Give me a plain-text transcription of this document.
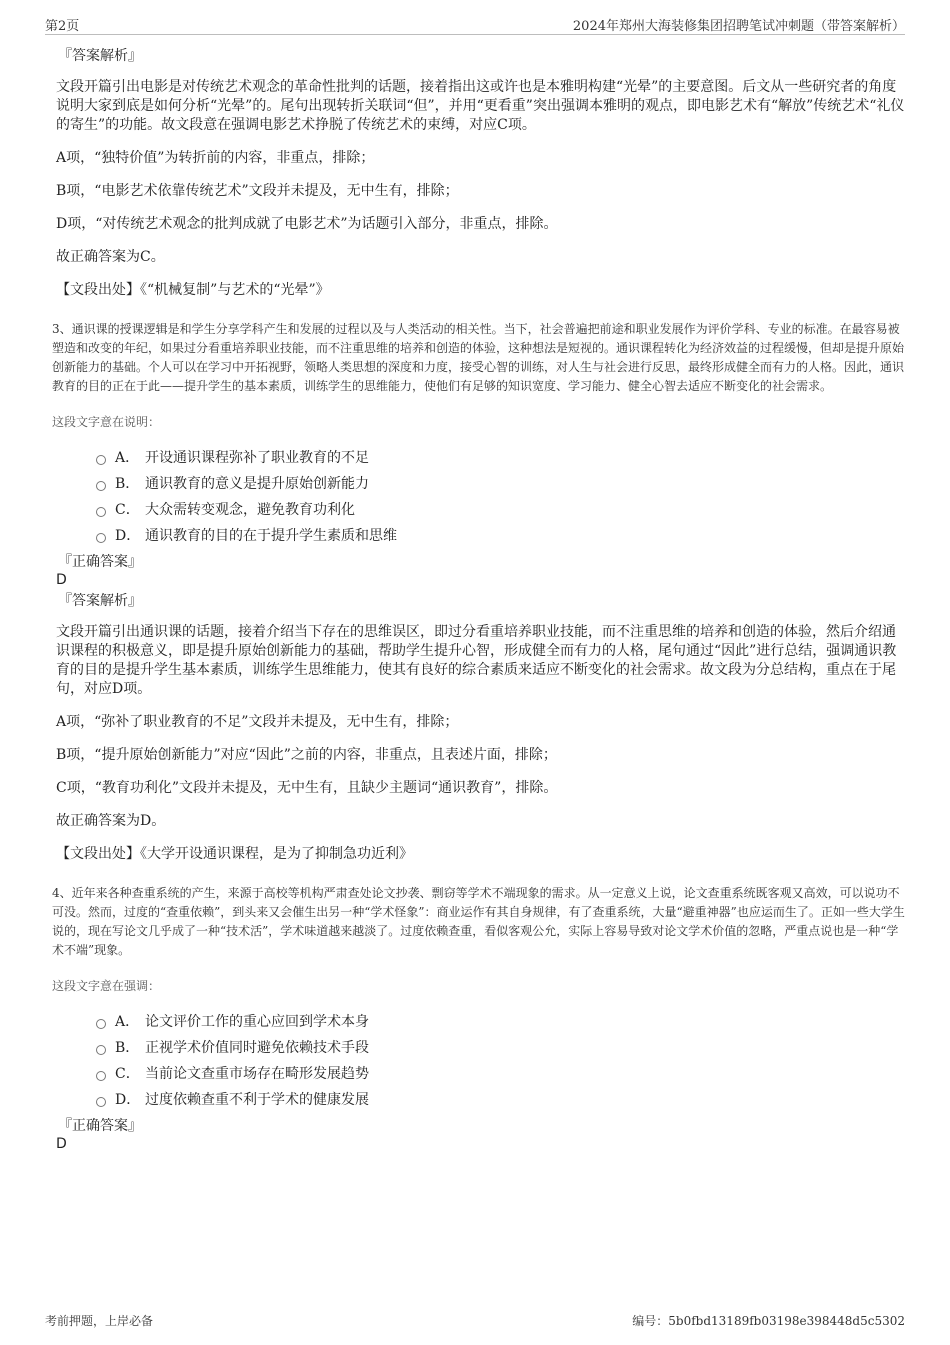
第2页	2024年郑州大海装修集团招聘笔试冲刺题（带答案解析）
『答案解析』

文段开篇引出电影是对传统艺术观念的革命性批判的话题，接着指出这或许也是本雅明构建“光晕”的主要意图。后文从一些研究者的角度说明大家到底是如何分析“光晕”的。尾句出现转折关联词“但”，并用“更看重”突出强调本雅明的观点，即电影艺术有“解放”传统艺术“礼仪的寄生”的功能。故文段意在强调电影艺术挣脱了传统艺术的束缚，对应C项。

A项，“独特价值”为转折前的内容，非重点，排除；

B项，“电影艺术依靠传统艺术”文段并未提及，无中生有，排除；

D项，“对传统艺术观念的批判成就了电影艺术”为话题引入部分，非重点，排除。

故正确答案为C。

【文段出处】《“机械复制”与艺术的“光晕”》

3、通识课的授课逻辑是和学生分享学科产生和发展的过程以及与人类活动的相关性。当下，社会普遍把前途和职业发展作为评价学科、专业的标准。在最容易被塑造和改变的年纪，如果过分看重培养职业技能，而不注重思维的培养和创造的体验，这种想法是短视的。通识课程转化为经济效益的过程缓慢，但却是提升原始创新能力的基础。个人可以在学习中开拓视野，领略人类思想的深度和力度，接受心智的训练，对人生与社会进行反思，最终形成健全而有力的人格。因此，通识教育的目的正在于此——提升学生的基本素质，训练学生的思维能力，使他们有足够的知识宽度、学习能力、健全心智去适应不断变化的社会需求。

这段文字意在说明：

A． 开设通识课程弥补了职业教育的不足
B． 通识教育的意义是提升原始创新能力
C． 大众需转变观念，避免教育功利化
D． 通识教育的目的在于提升学生素质和思维
『正确答案』
D
『答案解析』

文段开篇引出通识课的话题，接着介绍当下存在的思维误区，即过分看重培养职业技能，而不注重思维的培养和创造的体验，然后介绍通识课程的积极意义，即是提升原始创新能力的基础，帮助学生提升心智，形成健全而有力的人格，尾句通过“因此”进行总结，强调通识教育的目的是提升学生基本素质，训练学生思维能力，使其有良好的综合素质来适应不断变化的社会需求。故文段为分总结构，重点在于尾句，对应D项。

A项，“弥补了职业教育的不足”文段并未提及，无中生有，排除；

B项，“提升原始创新能力”对应“因此”之前的内容，非重点，且表述片面，排除；

C项，“教育功利化”文段并未提及，无中生有，且缺少主题词“通识教育”，排除。

故正确答案为D。

【文段出处】《大学开设通识课程，是为了抑制急功近利》

4、近年来各种查重系统的产生，来源于高校等机构严肃查处论文抄袭、剽窃等学术不端现象的需求。从一定意义上说，论文查重系统既客观又高效，可以说功不可没。然而，过度的“查重依赖”，到头来又会催生出另一种“学术怪象”：商业运作有其自身规律，有了查重系统，大量“避重神器”也应运而生了。正如一些大学生说的，现在写论文几乎成了一种“技术活”，学术味道越来越淡了。过度依赖查重，看似客观公允，实际上容易导致对论文学术价值的忽略，严重点说也是一种“学术不端”现象。

这段文字意在强调：

A． 论文评价工作的重心应回到学术本身
B． 正视学术价值同时避免依赖技术手段
C． 当前论文查重市场存在畸形发展趋势
D． 过度依赖查重不利于学术的健康发展
『正确答案』
D
考前押题，上岸必备	编号：5b0fbd13189fb03198e398448d5c5302
